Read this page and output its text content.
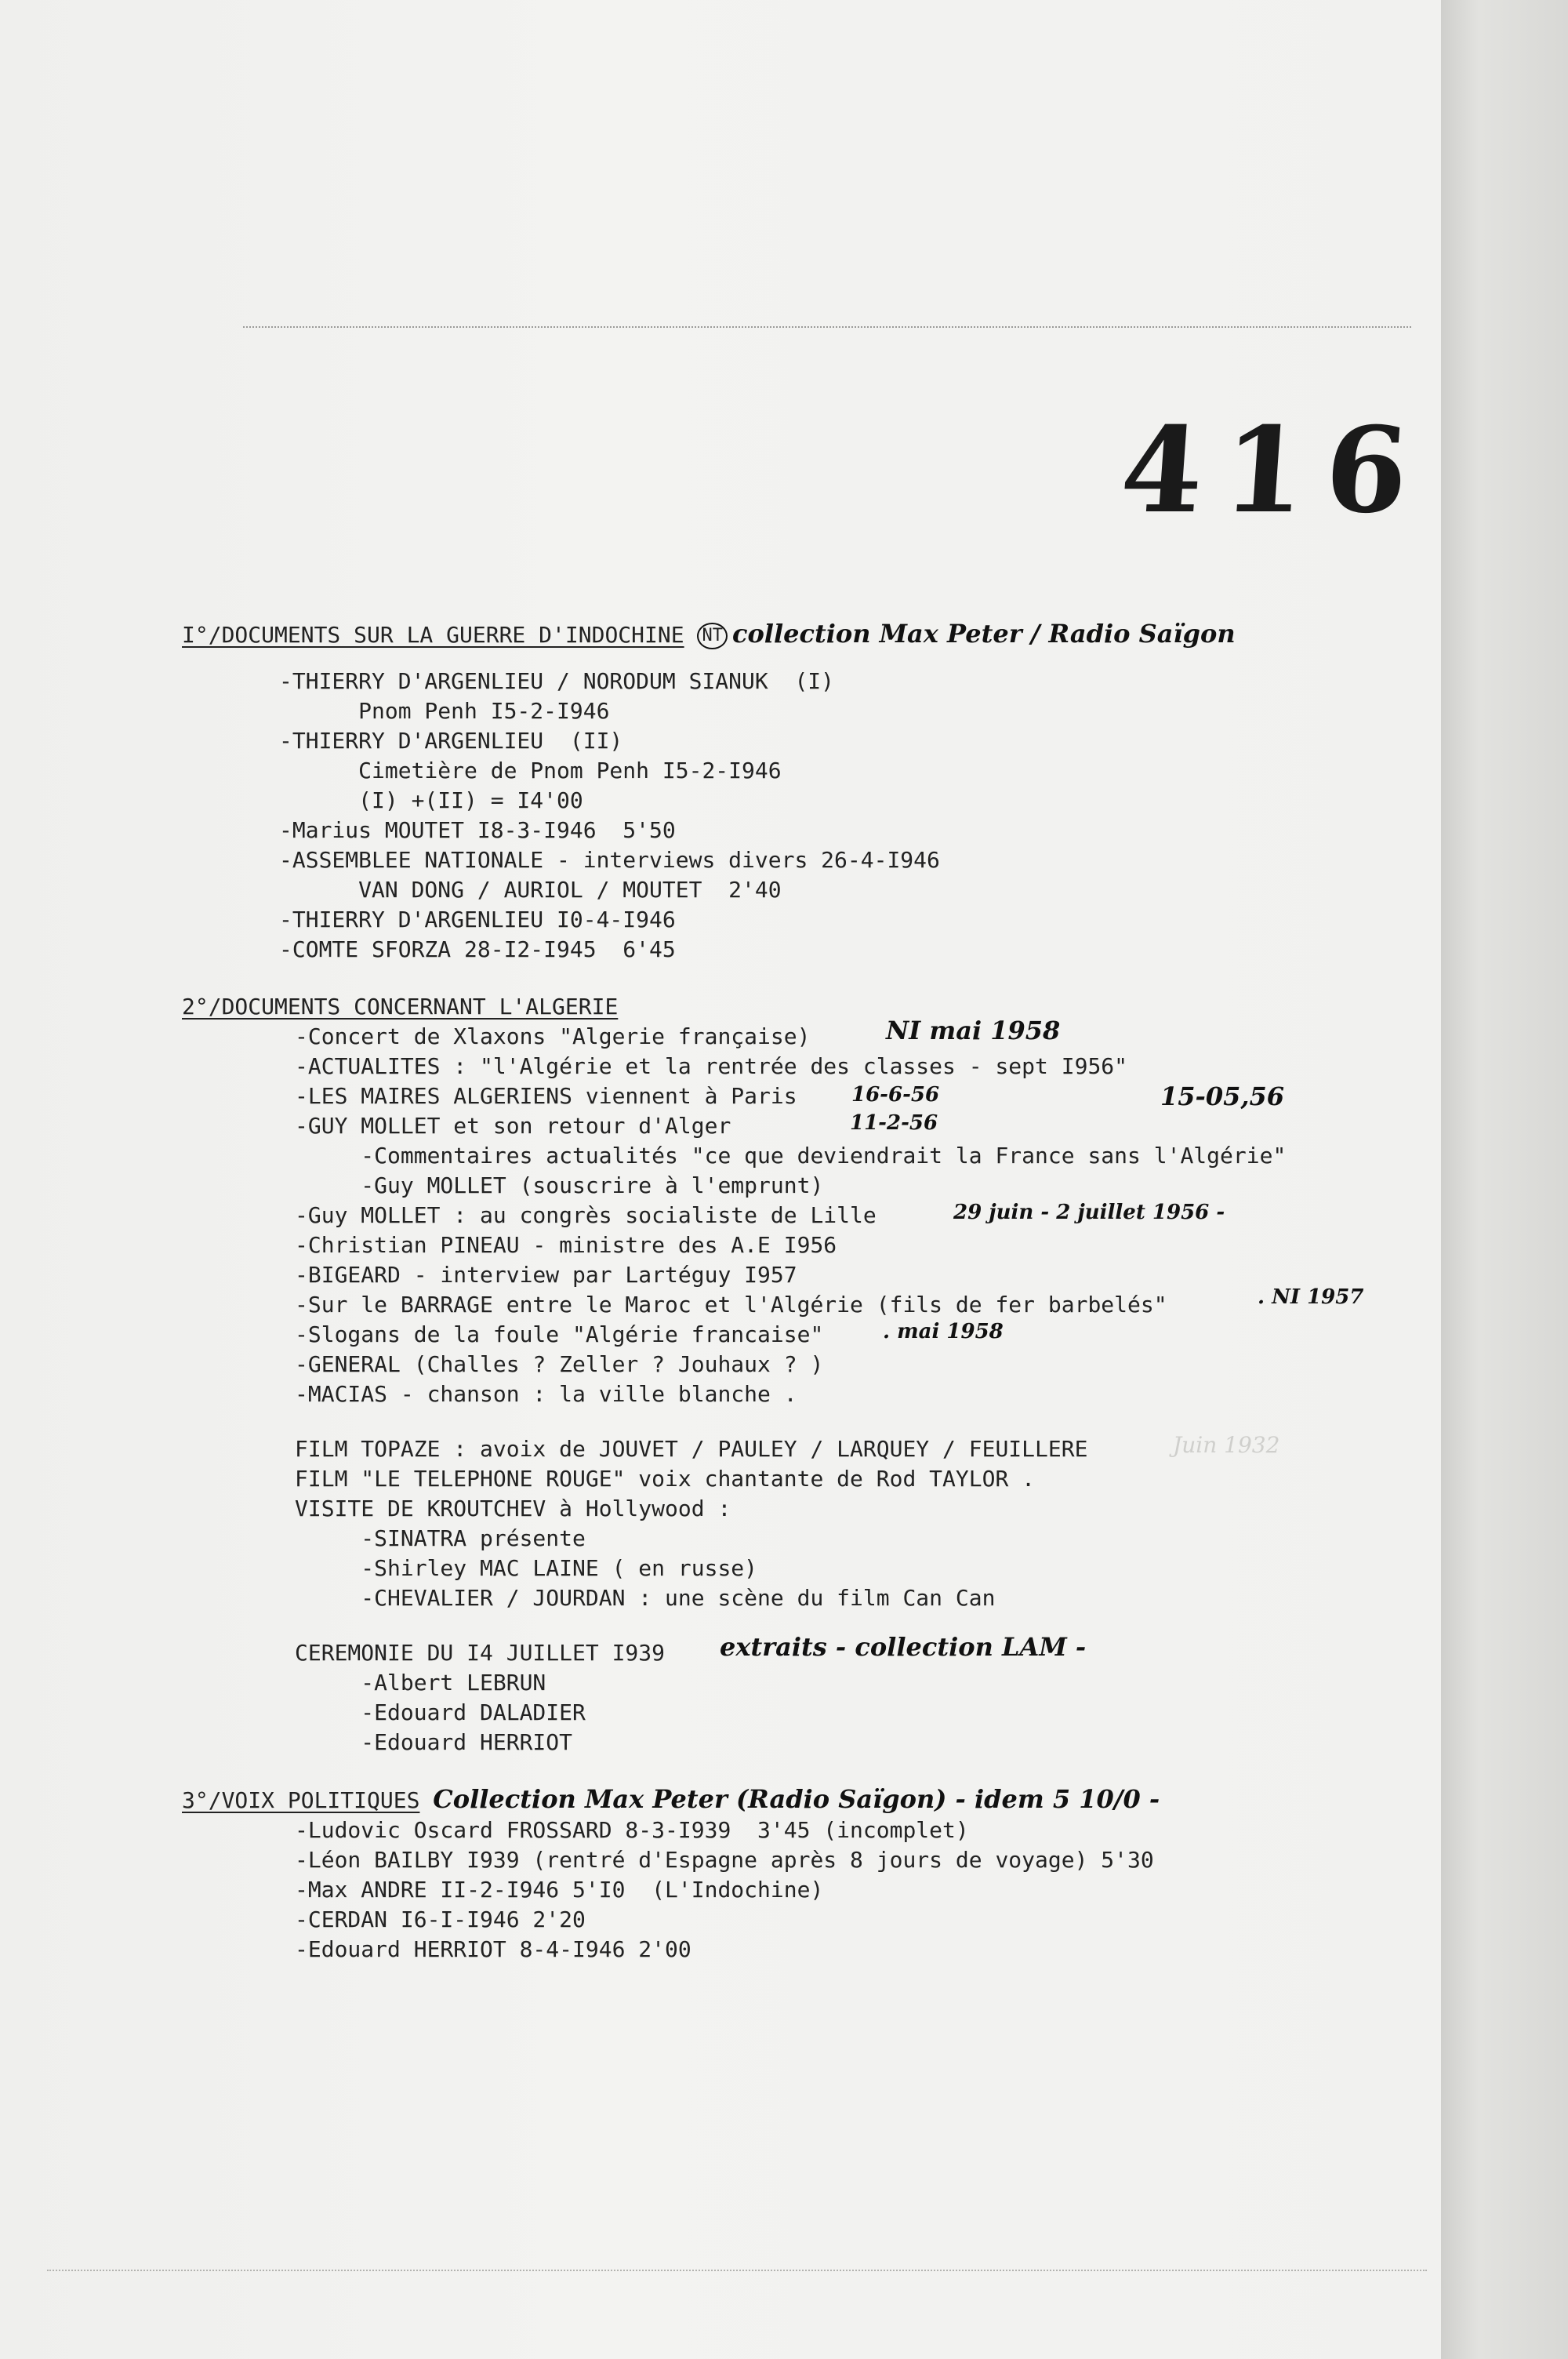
416
I°/DOCUMENTS SUR LA GUERRE D'INDOCHINE NT collection Max Peter / Radio Saïgon
-THIERRY D'ARGENLIEU / NORODUM SIANUK  (I)
Pnom Penh I5-2-I946
-THIERRY D'ARGENLIEU  (II)
Cimetière de Pnom Penh I5-2-I946
(I) +(II) = I4'00
-Marius MOUTET I8-3-I946  5'50
-ASSEMBLEE NATIONALE - interviews divers 26-4-I946
VAN DONG / AURIOL / MOUTET  2'40
-THIERRY D'ARGENLIEU I0-4-I946
-COMTE SFORZA 28-I2-I945  6'45
2°/DOCUMENTS CONCERNANT L'ALGERIE
-Concert de Xlaxons "Algerie française)
-ACTUALITES : "l'Algérie et la rentrée des classes - sept I956"
-LES MAIRES ALGERIENS viennent à Paris
-GUY MOLLET et son retour d'Alger
-Commentaires actualités "ce que deviendrait la France sans l'Algérie"
-Guy MOLLET (souscrire à l'emprunt)
-Guy MOLLET : au congrès socialiste de Lille
-Christian PINEAU - ministre des A.E I956
-BIGEARD - interview par Lartéguy I957
-Sur le BARRAGE entre le Maroc et l'Algérie (fils de fer barbelés"
-Slogans de la foule "Algérie francaise"
-GENERAL (Challes ? Zeller ? Jouhaux ? )
-MACIAS - chanson : la ville blanche .
NI mai 1958
16-6-56	15-05,56
11-2-56
29 juin - 2 juillet 1956 -
. NI 1957
. mai 1958
FILM TOPAZE : avoix de JOUVET / PAULEY / LARQUEY / FEUILLERE
FILM "LE TELEPHONE ROUGE" voix chantante de Rod TAYLOR .
VISITE DE KROUTCHEV à Hollywood :
-SINATRA présente
-Shirley MAC LAINE ( en russe)
-CHEVALIER / JOURDAN : une scène du film Can Can
Juin 1932
CEREMONIE DU I4 JUILLET I939 extraits - collection LAM -
-Albert LEBRUN
-Edouard DALADIER
-Edouard HERRIOT
3°/VOIX POLITIQUES Collection Max Peter (Radio Saïgon) - idem 5 10/0 -
-Ludovic Oscard FROSSARD 8-3-I939  3'45 (incomplet)
-Léon BAILBY I939 (rentré d'Espagne après 8 jours de voyage) 5'30
-Max ANDRE II-2-I946 5'I0  (L'Indochine)
-CERDAN I6-I-I946 2'20
-Edouard HERRIOT 8-4-I946 2'00
